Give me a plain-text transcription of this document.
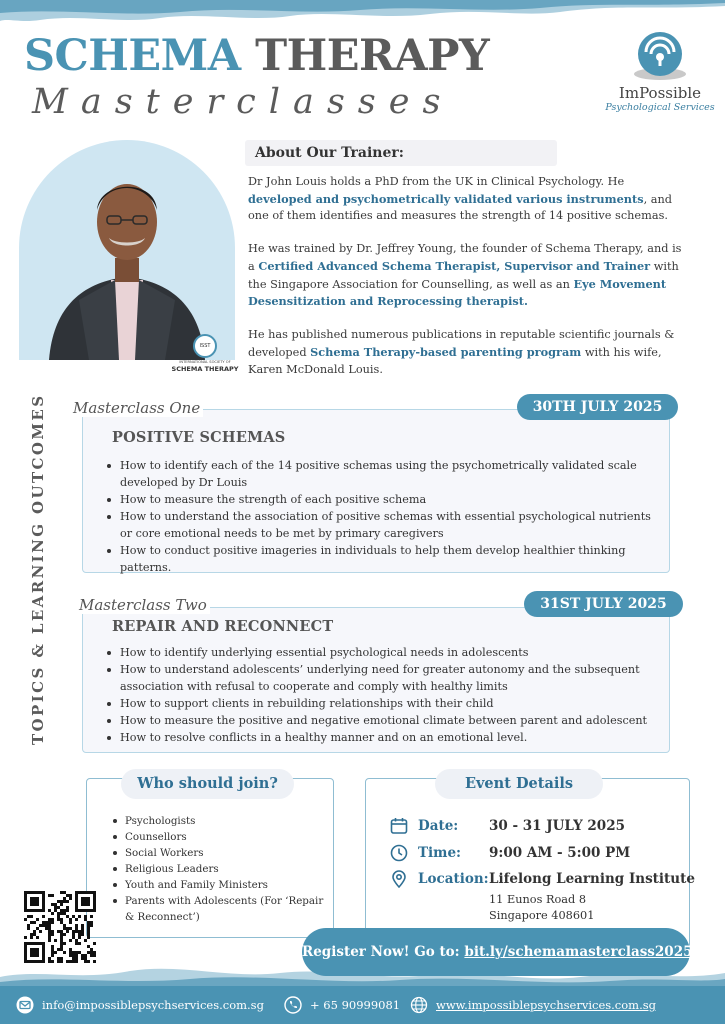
SCHEMA THERAPY
Masterclasses	ImPossible
Psychological Services
ISST
INTERNATIONAL SOCIETY OF
SCHEMA THERAPY
About Our Trainer:

Dr John Louis holds a PhD from the UK in Clinical Psychology. He developed and psychometrically validated various instruments, and one of them identifies and measures the strength of 14 positive schemas.

He was trained by Dr. Jeffrey Young, the founder of Schema Therapy, and is a Certified Advanced Schema Therapist, Supervisor and Trainer with the Singapore Association for Counselling, as well as an Eye Movement Desensitization and Reprocessing therapist.

He has published numerous publications in reputable scientific journals & developed Schema Therapy-based parenting program with his wife, Karen McDonald Louis.

TOPICS & LEARNING OUTCOMES Masterclass One	30TH JULY 2025
POSITIVE SCHEMAS
How to identify each of the 14 positive schemas using the psychometrically validated scale developed by Dr Louis
How to measure the strength of each positive schema
How to understand the association of positive schemas with essential psychological nutrients or core emotional needs to be met by primary caregivers
How to conduct positive imageries in individuals to help them develop healthier thinking patterns.
Masterclass Two	31ST JULY 2025
REPAIR AND RECONNECT
How to identify underlying essential psychological needs in adolescents
How to understand adolescents’ underlying need for greater autonomy and the subsequent association with refusal to cooperate and comply with healthy limits
How to support clients in rebuilding relationships with their child
How to measure the positive and negative emotional climate between parent and adolescent
How to resolve conflicts in a healthy manner and on an emotional level.
Who should join?
Psychologists
Counsellors
Social Workers
Religious Leaders
Youth and Family Ministers
Parents with Adolescents (For ‘Repair & Reconnect’)
Event Details
Date: 30 - 31 JULY 2025
Time: 9:00 AM - 5:00 PM
Location: Lifelong Learning Institute
11 Eunos Road 8
Singapore 408601
Register Now! Go to: bit.ly/schemamasterclass2025
info@impossiblepsychservices.com.sg	+ 65 90999081	www.impossiblepsychservices.com.sg
